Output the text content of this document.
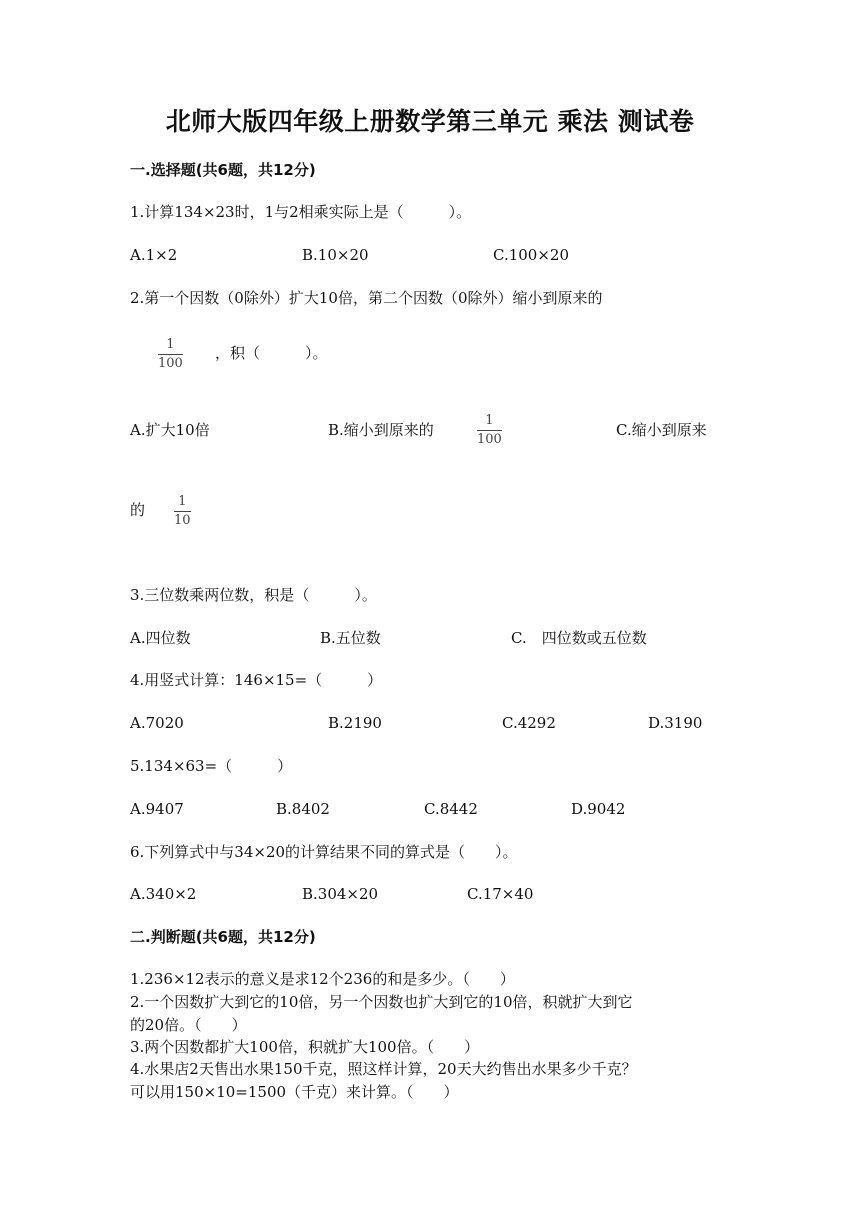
北师大版四年级上册数学第三单元 乘法 测试卷
一.选择题(共6题，共12分)
1.计算134×23时，1与2相乘实际上是（　　　）。
A.1×2	B.10×20	C.100×20
2.第一个因数（0除外）扩大10倍，第二个因数（0除外）缩小到原来的
1
100
，积（　　　）。
A.扩大10倍	B.缩小到原来的
1
100
C.缩小到原来
的	1
10
3.三位数乘两位数，积是（　　　）。
A.四位数	B.五位数	C.　四位数或五位数
4.用竖式计算：146×15=（　　　）
A.7020	B.2190	C.4292	D.3190
5.134×63=（　　　）
A.9407	B.8402	C.8442	D.9042
6.下列算式中与34×20的计算结果不同的算式是（　　）。
A.340×2	B.304×20	C.17×40
二.判断题(共6题，共12分)
1.236×12表示的意义是求12个236的和是多少。（　　）
2.一个因数扩大到它的10倍，另一个因数也扩大到它的10倍，积就扩大到它
的20倍。（　　）
3.两个因数都扩大100倍，积就扩大100倍。（　　）
4.水果店2天售出水果150千克，照这样计算，20天大约售出水果多少千克？
可以用150×10=1500（千克）来计算。（　　）
